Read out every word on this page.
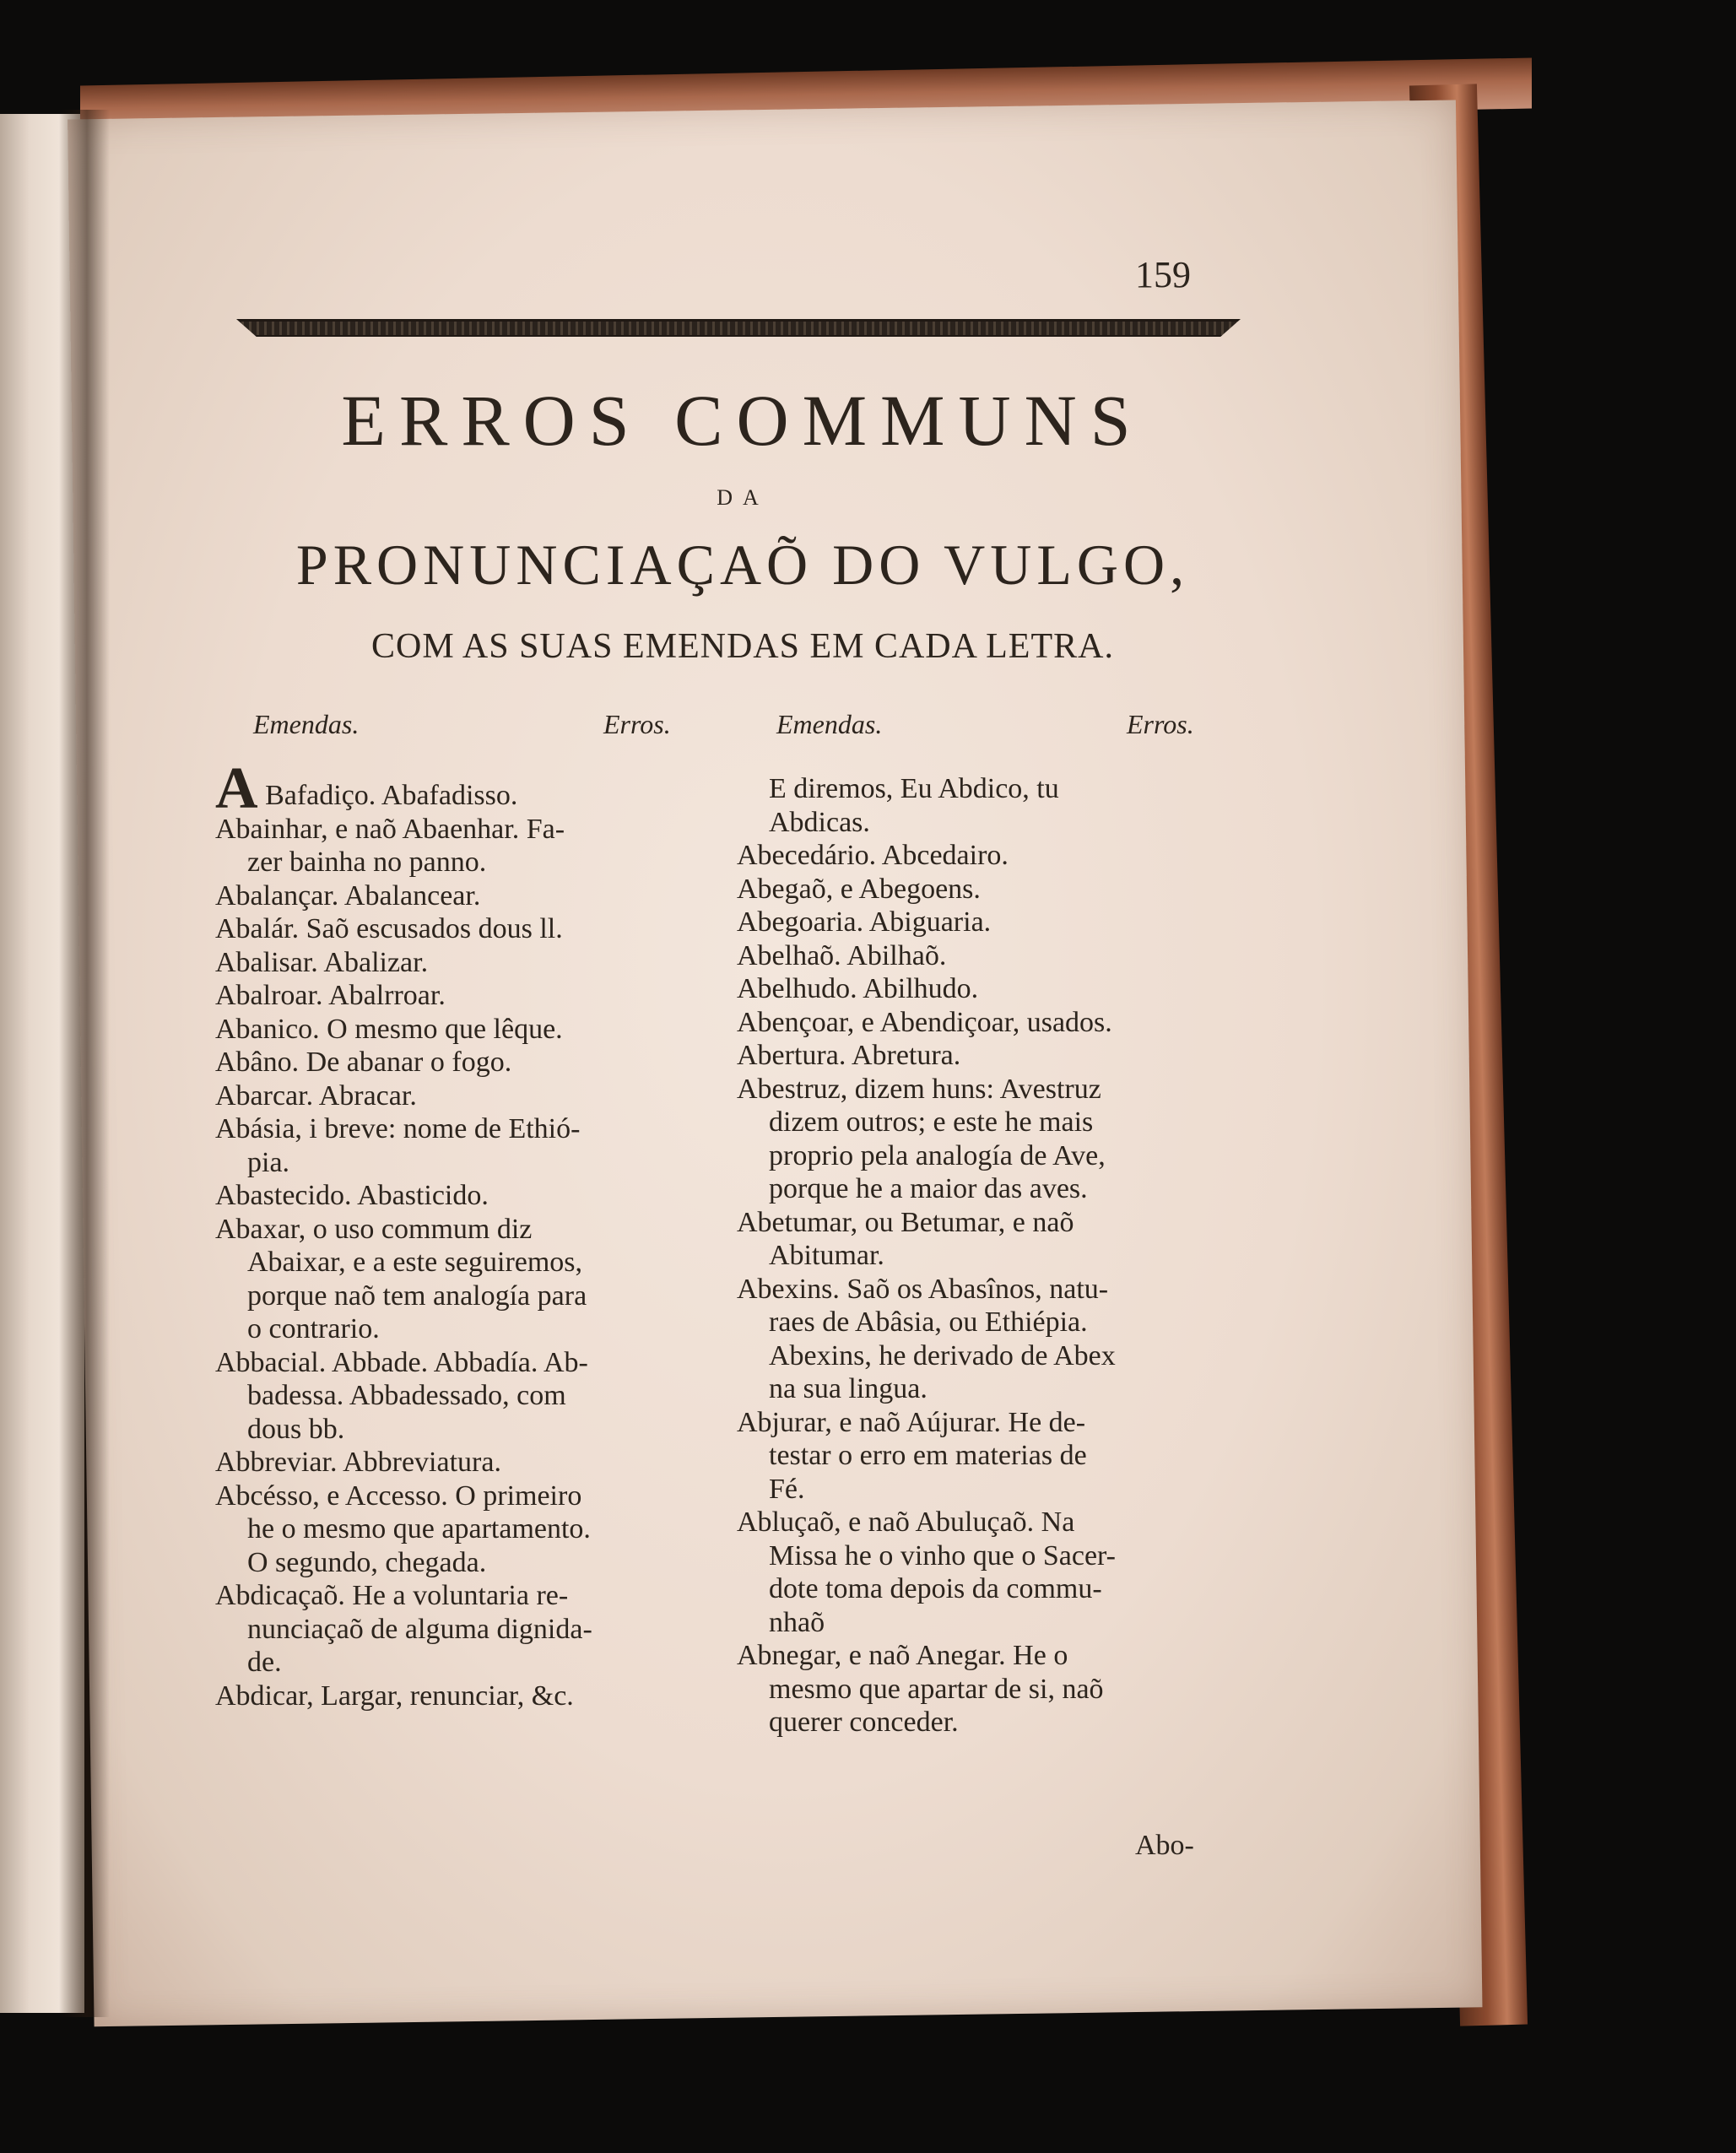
159
ERROS COMMUNS
DA
PRONUNCIAÇAÕ DO VULGO,
COM AS SUAS EMENDAS EM CADA LETRA.
Emendas.	Erros.	Emendas.	Erros.

A Bafadiço. Abafadisso.

Abainhar, e naõ Abaenhar. Fa-

zer bainha no panno.

Abalançar. Abalancear.

Abalár. Saõ escusados dous ll.

Abalisar. Abalizar.

Abalroar. Abalrroar.

Abanico. O mesmo que lêque.

Abâno. De abanar o fogo.

Abarcar. Abracar.

Abásia, i breve: nome de Ethió-

pia.

Abastecido. Abasticido.

Abaxar, o uso commum diz

Abaixar, e a este seguiremos,

porque naõ tem analogía para

o contrario.

Abbacial. Abbade. Abbadía. Ab-

badessa. Abbadessado, com

dous bb.

Abbreviar. Abbreviatura.

Abcésso, e Accesso. O primeiro

he o mesmo que apartamento.

O segundo, chegada.

Abdicaçaõ. He a voluntaria re-

nunciaçaõ de alguma dignida-

de.

Abdicar, Largar, renunciar, &c.

E diremos, Eu Abdico, tu

Abdicas.

Abecedário. Abcedairo.

Abegaõ, e Abegoens.

Abegoaria. Abiguaria.

Abelhaõ. Abilhaõ.

Abelhudo. Abilhudo.

Abençoar, e Abendiçoar, usados.

Abertura. Abretura.

Abestruz, dizem huns: Avestruz

dizem outros; e este he mais

proprio pela analogía de Ave,

porque he a maior das aves.

Abetumar, ou Betumar, e naõ

Abitumar.

Abexins. Saõ os Abasînos, natu-

raes de Abâsia, ou Ethiépia.

Abexins, he derivado de Abex

na sua lingua.

Abjurar, e naõ Aújurar. He de-

testar o erro em materias de

Fé.

Abluçaõ, e naõ Abuluçaõ. Na

Missa he o vinho que o Sacer-

dote toma depois da commu-

nhaõ

Abnegar, e naõ Anegar. He o

mesmo que apartar de si, naõ

querer conceder.

Abo-
